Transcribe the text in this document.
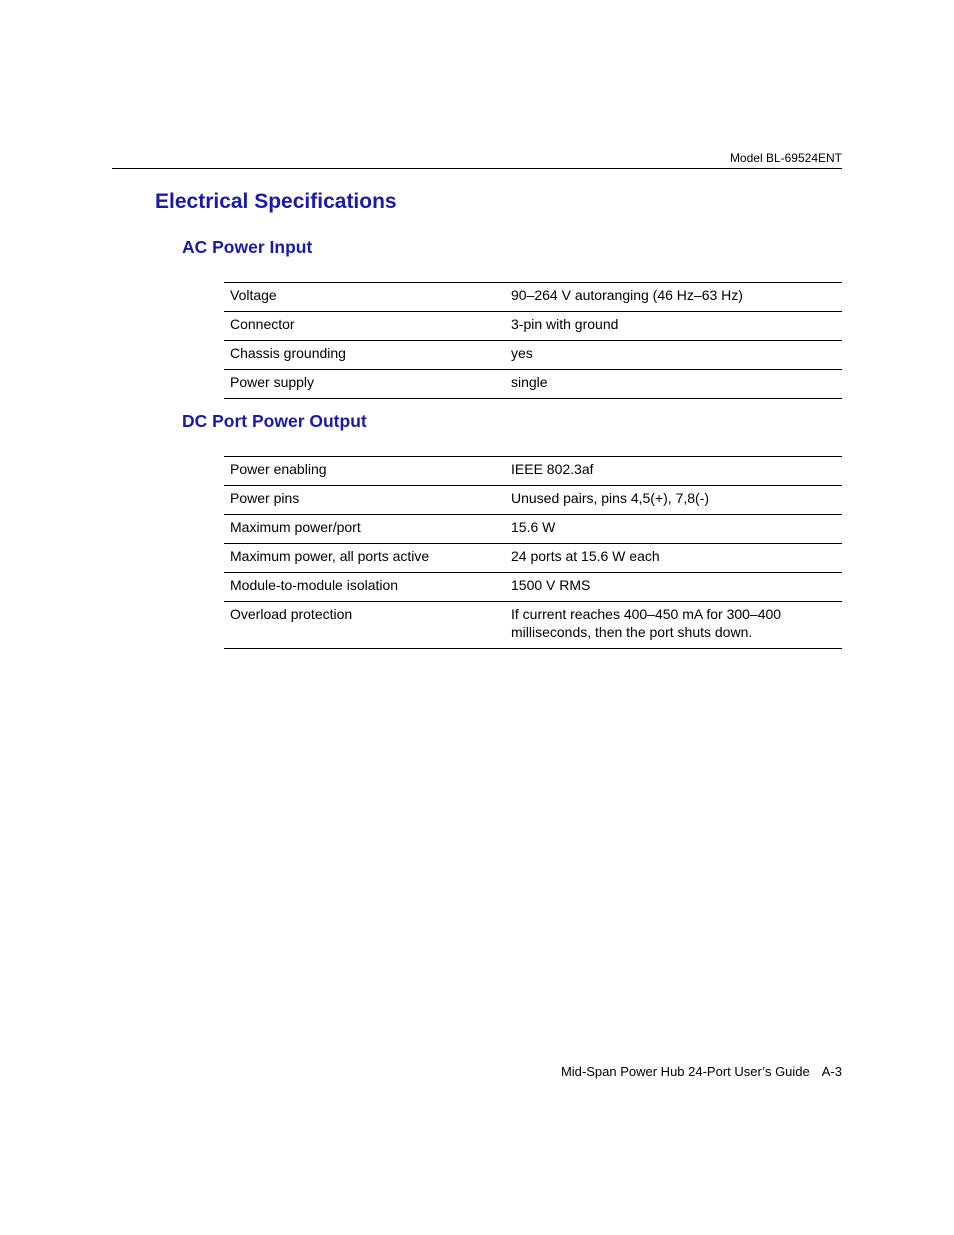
Model BL-69524ENT
Electrical Specifications
AC Power Input
Voltage	90–264 V autoranging (46 Hz–63 Hz)
Connector	3-pin with ground
Chassis grounding	yes
Power supply	single
DC Port Power Output
Power enabling	IEEE 802.3af
Power pins	Unused pairs, pins 4,5(+), 7,8(-)
Maximum power/port	15.6 W
Maximum power, all ports active	24 ports at 15.6 W each
Module-to-module isolation	1500 V RMS
Overload protection	If current reaches 400–450 mA for 300–400 milliseconds, then the port shuts down.
Mid-Span Power Hub 24-Port User’s Guide A-3
